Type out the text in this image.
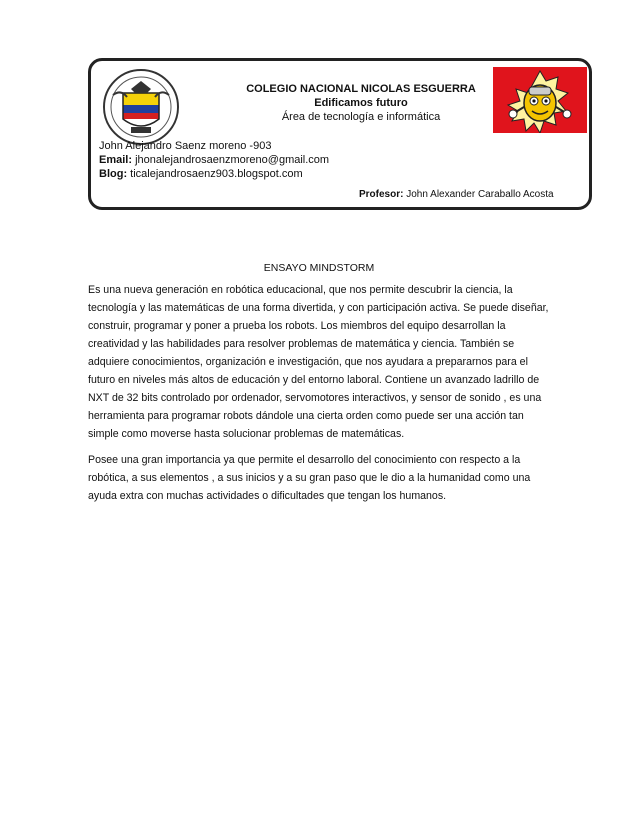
COLEGIO NACIONAL NICOLAS ESGUERRA
Edificamos futuro
Área de tecnología e informática
John Alejandro Saenz moreno -903
Email: jhonalejandrosaenzmoreno@gmail.com
Blog: ticalejandrosaenz903.blogspot.com
Profesor: John Alexander Caraballo Acosta
ENSAYO MINDSTORM

Es una nueva generación en robótica educacional, que nos permite descubrir la ciencia, la tecnología y las matemáticas de una forma divertida, y con participación activa. Se puede diseñar, construir, programar y poner a prueba los robots. Los miembros del equipo desarrollan la creatividad y las habilidades para resolver problemas de matemática y ciencia. También se adquiere conocimientos, organización e investigación, que nos ayudara a prepararnos para el futuro en niveles más altos de educación y del entorno laboral. Contiene un avanzado ladrillo de NXT de 32 bits controlado por ordenador, servomotores interactivos, y sensor de sonido , es una herramienta para programar robots dándole una cierta orden como puede ser una acción tan simple como moverse hasta solucionar problemas de matemáticas.

Posee una gran importancia ya que permite el desarrollo del conocimiento con respecto a la robótica, a sus elementos , a sus inicios y a su gran paso que le dio a la humanidad como una ayuda extra con muchas actividades o dificultades que tengan los humanos.
